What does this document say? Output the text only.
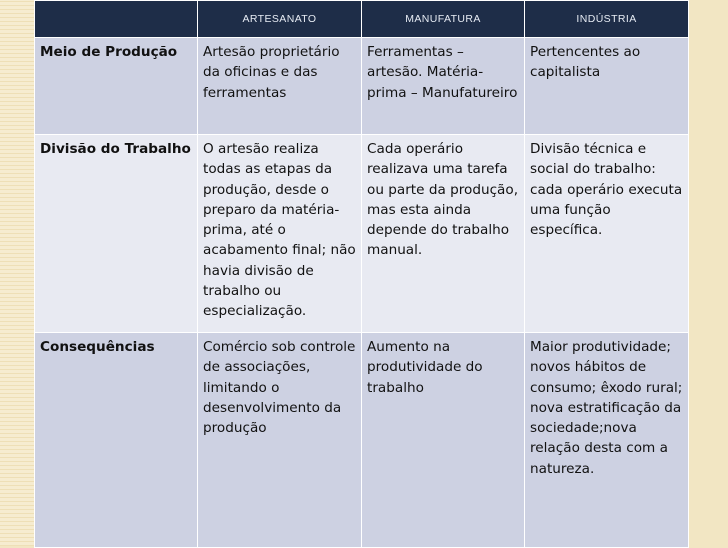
	ARTESANATO	MANUFATURA	INDÚSTRIA
Meio de Produção	Artesão proprietário da oficinas e das ferramentas	Ferramentas – artesão. Matéria-prima – Manufatureiro	Pertencentes ao capitalista
Divisão do Trabalho	O artesão realiza todas as etapas da produção, desde o preparo da matéria-prima, até o acabamento final; não havia divisão de trabalho ou especialização.	Cada operário realizava uma tarefa ou parte da produção, mas esta ainda depende do trabalho manual.	Divisão técnica e social do trabalho: cada operário executa uma função específica.
Consequências	Comércio sob controle de associações, limitando o desenvolvimento da produção	Aumento na produtividade do trabalho	Maior produtividade; novos hábitos de consumo; êxodo rural; nova estratificação da sociedade;nova relação desta com a natureza.
